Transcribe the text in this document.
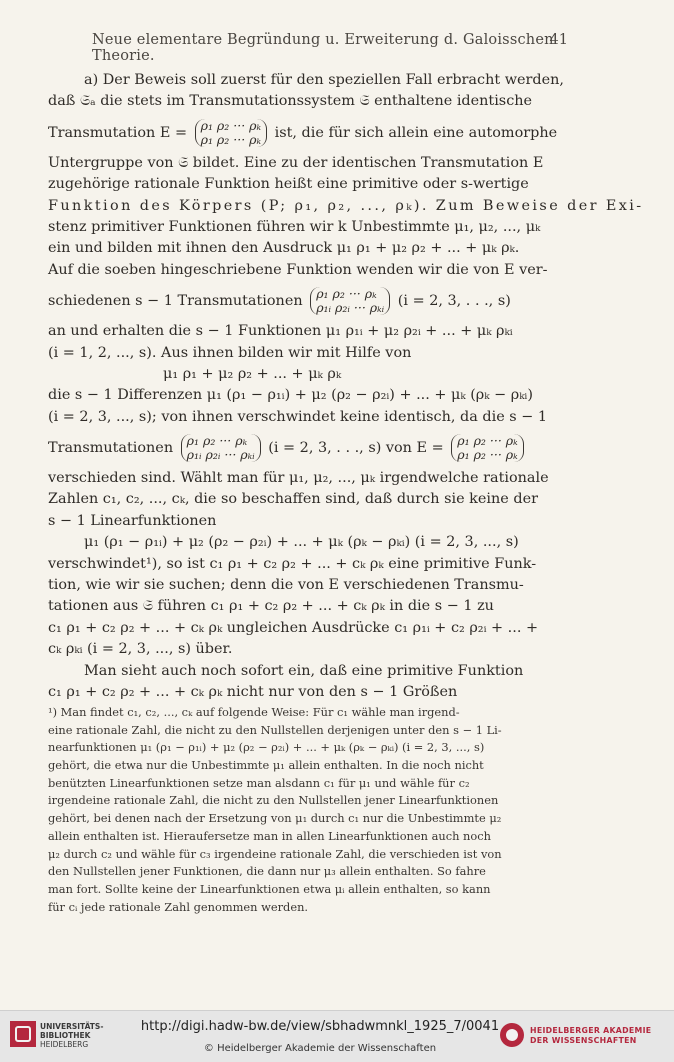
Neue elementare Begründung u. Erweiterung d. Galoisschen Theorie.
41
a) Der Beweis soll zuerst für den speziellen Fall erbracht werden,
daß 𝔖ₐ die stets im Transmutationssystem 𝔖 enthaltene identische
Transmutation E = ρ₁ ρ₂ ··· ρₖ
ρ₁ ρ₂ ··· ρₖ ist, die für sich allein eine automorphe
Untergruppe von 𝔖 bildet. Eine zu der identischen Transmutation E
zugehörige rationale Funktion heißt eine primitive oder s-wertige
Funktion des Körpers (P; ρ₁, ρ₂, ..., ρₖ). Zum Beweise der Exi-
stenz primitiver Funktionen führen wir k Unbestimmte μ₁, μ₂, ..., μₖ
ein und bilden mit ihnen den Ausdruck μ₁ ρ₁ + μ₂ ρ₂ + ... + μₖ ρₖ.
Auf die soeben hingeschriebene Funktion wenden wir die von E ver-
schiedenen s − 1 Transmutationen ρ₁ ρ₂ ··· ρₖ
ρ₁ᵢ ρ₂ᵢ ··· ρₖᵢ (i = 2, 3, . . ., s)
an und erhalten die s − 1 Funktionen μ₁ ρ₁ᵢ + μ₂ ρ₂ᵢ + ... + μₖ ρₖᵢ
(i = 1, 2, ..., s). Aus ihnen bilden wir mit Hilfe von
μ₁ ρ₁ + μ₂ ρ₂ + ... + μₖ ρₖ
die s − 1 Differenzen μ₁ (ρ₁ − ρ₁ᵢ) + μ₂ (ρ₂ − ρ₂ᵢ) + ... + μₖ (ρₖ − ρₖᵢ)
(i = 2, 3, ..., s); von ihnen verschwindet keine identisch, da die s − 1
Transmutationen ρ₁ ρ₂ ··· ρₖ
ρ₁ᵢ ρ₂ᵢ ··· ρₖᵢ (i = 2, 3, . . ., s) von E = ρ₁ ρ₂ ··· ρₖ
ρ₁ ρ₂ ··· ρₖ
verschieden sind. Wählt man für μ₁, μ₂, ..., μₖ irgendwelche rationale
Zahlen c₁, c₂, ..., cₖ, die so beschaffen sind, daß durch sie keine der
s − 1 Linearfunktionen
μ₁ (ρ₁ − ρ₁ᵢ) + μ₂ (ρ₂ − ρ₂ᵢ) + ... + μₖ (ρₖ − ρₖᵢ) (i = 2, 3, ..., s)
verschwindet¹), so ist c₁ ρ₁ + c₂ ρ₂ + ... + cₖ ρₖ eine primitive Funk-
tion, wie wir sie suchen; denn die von E verschiedenen Transmu-
tationen aus 𝔖 führen c₁ ρ₁ + c₂ ρ₂ + ... + cₖ ρₖ in die s − 1 zu
c₁ ρ₁ + c₂ ρ₂ + ... + cₖ ρₖ ungleichen Ausdrücke c₁ ρ₁ᵢ + c₂ ρ₂ᵢ + ... +
cₖ ρₖᵢ (i = 2, 3, ..., s) über.
Man sieht auch noch sofort ein, daß eine primitive Funktion
c₁ ρ₁ + c₂ ρ₂ + ... + cₖ ρₖ nicht nur von den s − 1 Größen
¹) Man findet c₁, c₂, ..., cₖ auf folgende Weise: Für c₁ wähle man irgend-
eine rationale Zahl, die nicht zu den Nullstellen derjenigen unter den s − 1 Li-
nearfunktionen μ₁ (ρ₁ − ρ₁ᵢ) + μ₂ (ρ₂ − ρ₂ᵢ) + ... + μₖ (ρₖ − ρₖᵢ) (i = 2, 3, ..., s)
gehört, die etwa nur die Unbestimmte μ₁ allein enthalten. In die noch nicht
benützten Linearfunktionen setze man alsdann c₁ für μ₁ und wähle für c₂
irgendeine rationale Zahl, die nicht zu den Nullstellen jener Linearfunktionen
gehört, bei denen nach der Ersetzung von μ₁ durch c₁ nur die Unbestimmte μ₂
allein enthalten ist. Hieraufersetze man in allen Linearfunktionen auch noch
μ₂ durch c₂ und wähle für c₃ irgendeine rationale Zahl, die verschieden ist von
den Nullstellen jener Funktionen, die dann nur μ₃ allein enthalten. So fahre
man fort. Sollte keine der Linearfunktionen etwa μᵢ allein enthalten, so kann
für cᵢ jede rationale Zahl genommen werden.
UNIVERSITÄTS-
BIBLIOTHEK
HEIDELBERG
http://digi.hadw-bw.de/view/sbhadwmnkl_1925_7/0041
© Heidelberger Akademie der Wissenschaften
HEIDELBERGER AKADEMIE
DER WISSENSCHAFTEN
